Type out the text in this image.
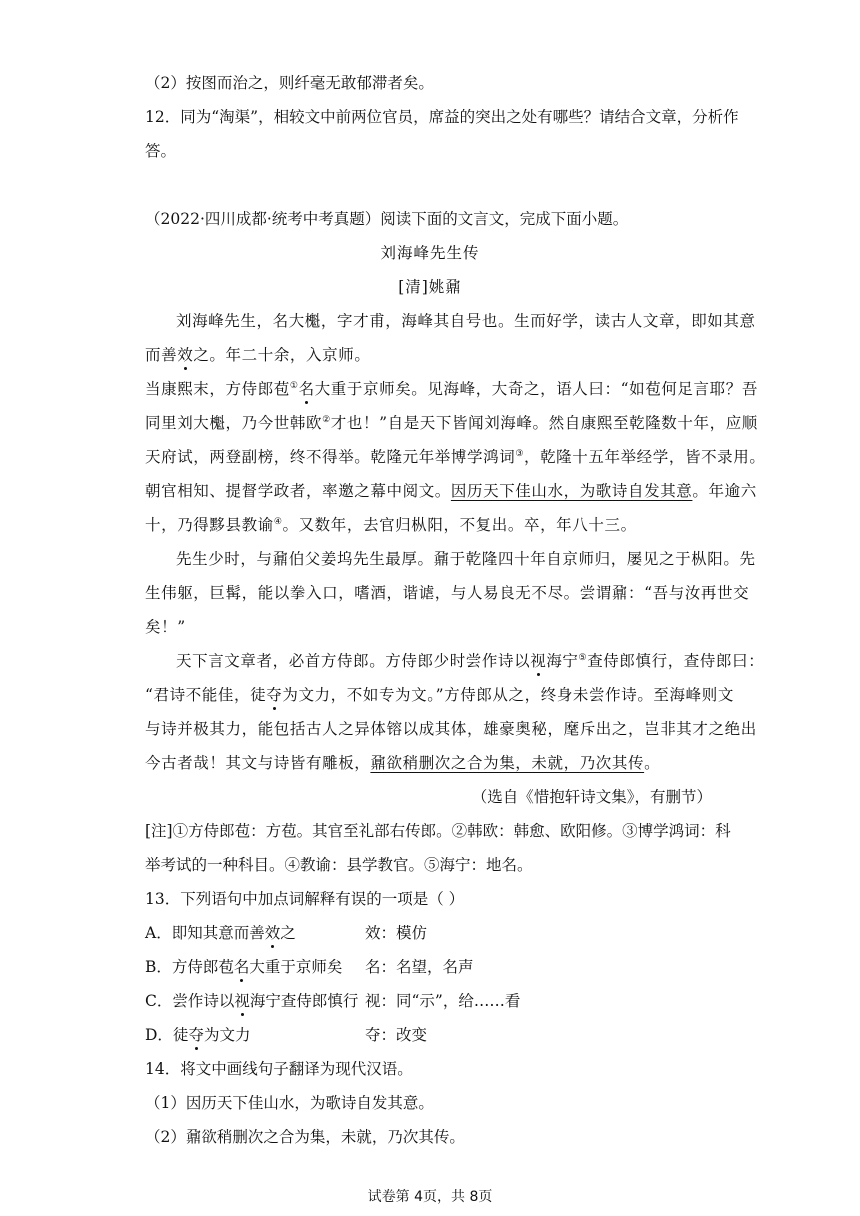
（2）按图而治之，则纤毫无敢郁滞者矣。
12．同为“淘渠”，相较文中前两位官员，席益的突出之处有哪些？请结合文章，分析作
答。
（2022·四川成都·统考中考真题）阅读下面的文言文，完成下面小题。
刘海峰先生传
[清]姚鼐
刘海峰先生，名大櫆，字才甫，海峰其自号也。生而好学，读古人文章，即如其意
而善效之。年二十余，入京师。
当康熙末，方侍郎苞①名大重于京师矣。见海峰，大奇之，语人曰：“如苞何足言耶？吾
同里刘大櫆，乃今世韩欧②才也！”自是天下皆闻刘海峰。然自康熙至乾隆数十年，应顺
天府试，两登副榜，终不得举。乾隆元年举博学鸿词③，乾隆十五年举经学，皆不录用。
朝官相知、提督学政者，率邀之幕中阅文。因历天下佳山水，为歌诗自发其意。年逾六
十，乃得黟县教谕④。又数年，去官归枞阳，不复出。卒，年八十三。
先生少时，与鼐伯父姜坞先生最厚。鼐于乾隆四十年自京师归，屡见之于枞阳。先
生伟躯，巨髯，能以拳入口，嗜酒，谐谑，与人易良无不尽。尝谓鼐：“吾与汝再世交
矣！”
天下言文章者，必首方侍郎。方侍郎少时尝作诗以视海宁⑤查侍郎慎行，查侍郎曰：
“君诗不能佳，徒夺为文力，不如专为文。”方侍郎从之，终身未尝作诗。至海峰则文
与诗并极其力，能包括古人之异体镕以成其体，雄豪奥秘，麾斥出之，岂非其才之绝出
今古者哉！其文与诗皆有雕板，鼐欲稍删次之合为集，未就，乃次其传。
（选自《惜抱轩诗文集》，有删节）
[注]①方侍郎苞：方苞。其官至礼部右传郎。②韩欧：韩愈、欧阳修。③博学鸿词：科
举考试的一种科目。④教谕：县学教官。⑤海宁：地名。
13．下列语句中加点词解释有误的一项是（ ）
A．即知其意而善效之	效：模仿
B．方侍郎苞名大重于京师矣 名：名望，名声
C．尝作诗以视海宁查侍郎慎行 视：同“示”，给……看
D．徒夺为文力	夺：改变
14．将文中画线句子翻译为现代汉语。
（1）因历天下佳山水，为歌诗自发其意。
（2）鼐欲稍删次之合为集，未就，乃次其传。
试卷第 4页，共 8页
